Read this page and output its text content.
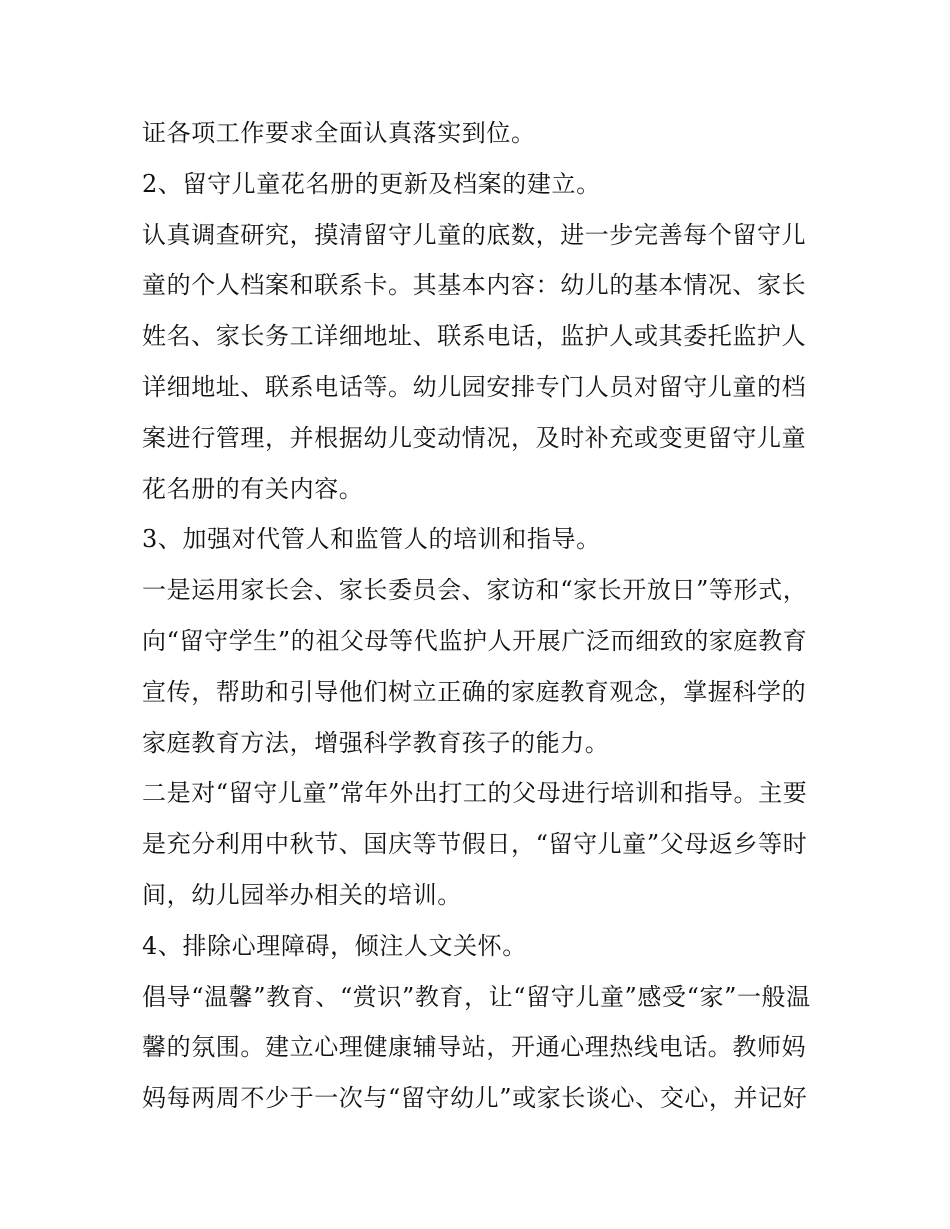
证各项工作要求全面认真落实到位。
2、留守儿童花名册的更新及档案的建立。
认真调查研究，摸清留守儿童的底数，进一步完善每个留守儿
童的个人档案和联系卡。其基本内容：幼儿的基本情况、家长
姓名、家长务工详细地址、联系电话，监护人或其委托监护人
详细地址、联系电话等。幼儿园安排专门人员对留守儿童的档
案进行管理，并根据幼儿变动情况，及时补充或变更留守儿童
花名册的有关内容。
3、加强对代管人和监管人的培训和指导。
一是运用家长会、家长委员会、家访和“家长开放日”等形式，
向“留守学生”的祖父母等代监护人开展广泛而细致的家庭教育
宣传，帮助和引导他们树立正确的家庭教育观念，掌握科学的
家庭教育方法，增强科学教育孩子的能力。
二是对“留守儿童”常年外出打工的父母进行培训和指导。主要
是充分利用中秋节、国庆等节假日，“留守儿童”父母返乡等时
间，幼儿园举办相关的培训。
4、排除心理障碍，倾注人文关怀。
倡导“温馨”教育、“赏识”教育，让“留守儿童”感受“家”一般温
馨的氛围。建立心理健康辅导站，开通心理热线电话。教师妈
妈每两周不少于一次与“留守幼儿”或家长谈心、交心，并记好
